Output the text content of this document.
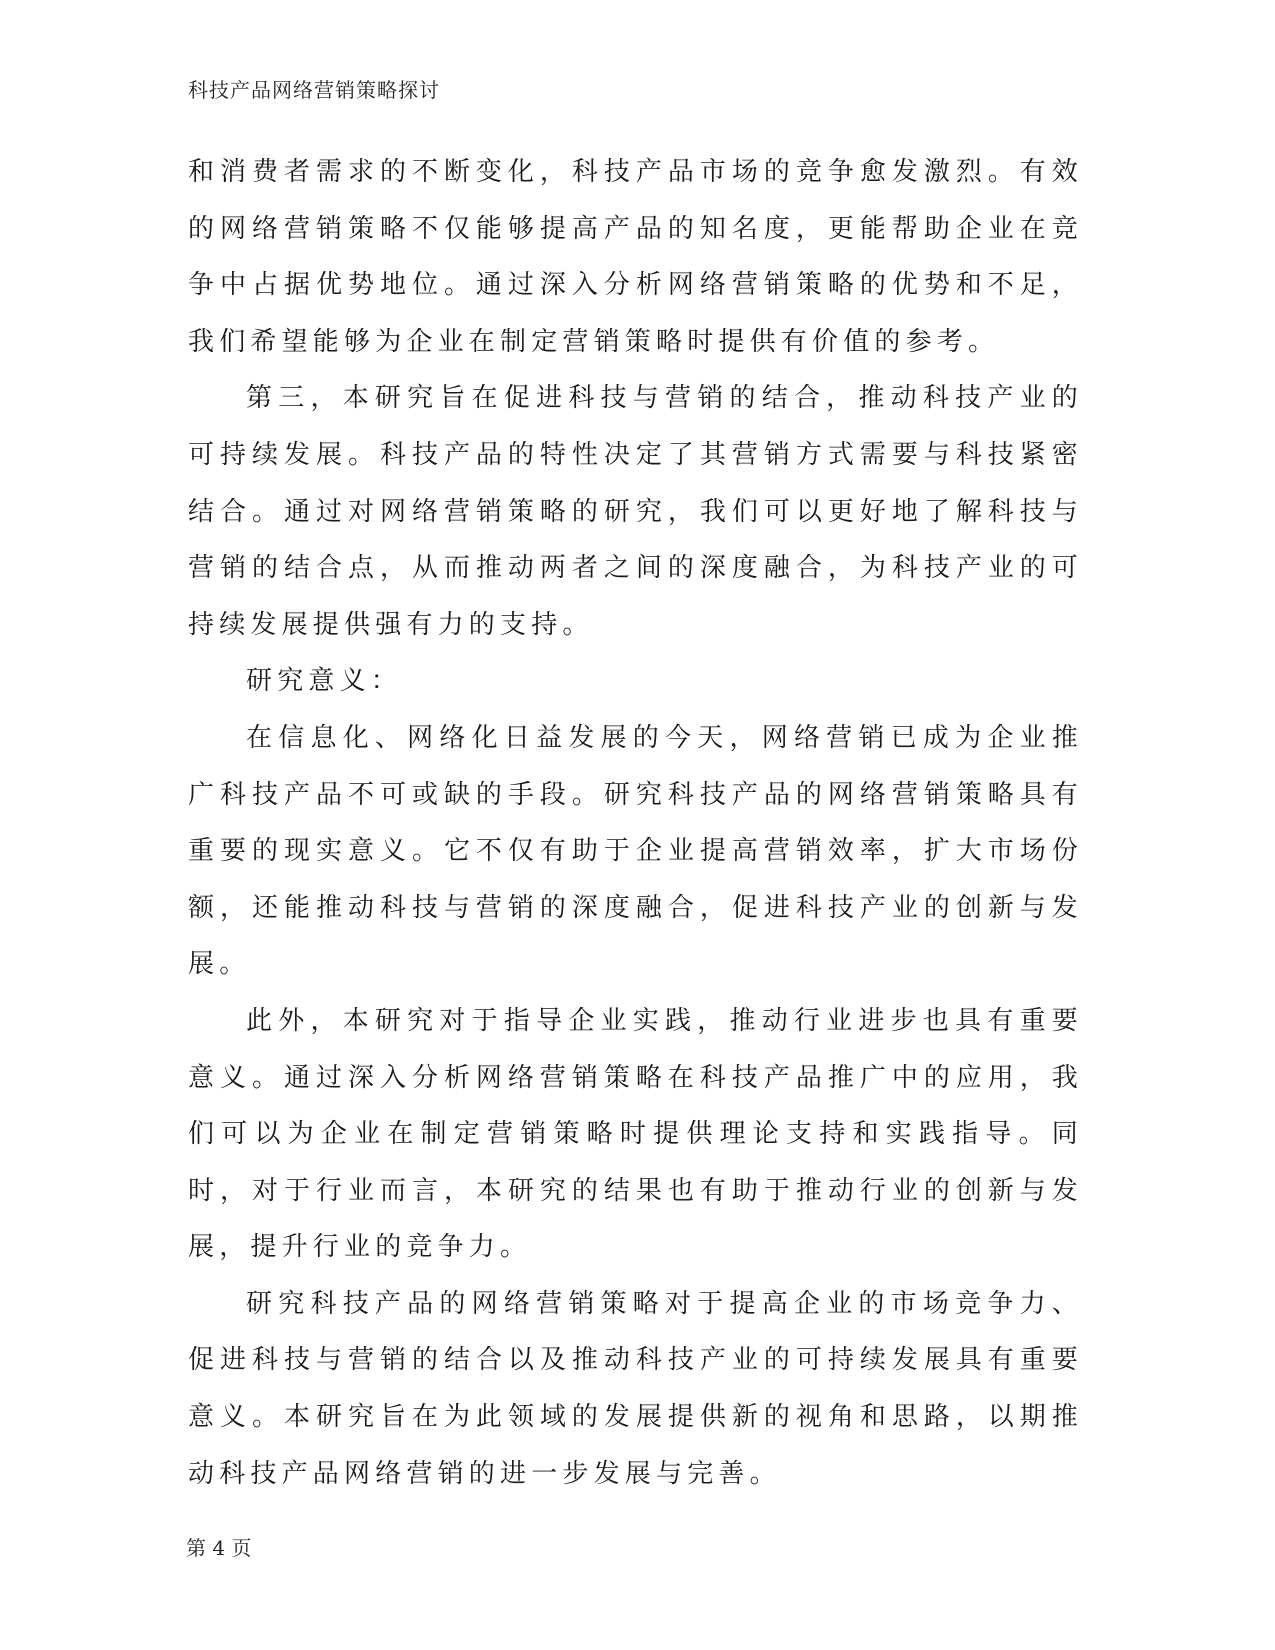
科技产品网络营销策略探讨

和消费者需求的不断变化，科技产品市场的竞争愈发激烈。有效的网络营销策略不仅能够提高产品的知名度，更能帮助企业在竞争中占据优势地位。通过深入分析网络营销策略的优势和不足，我们希望能够为企业在制定营销策略时提供有价值的参考。

第三，本研究旨在促进科技与营销的结合，推动科技产业的可持续发展。科技产品的特性决定了其营销方式需要与科技紧密结合。通过对网络营销策略的研究，我们可以更好地了解科技与营销的结合点，从而推动两者之间的深度融合，为科技产业的可持续发展提供强有力的支持。

研究意义：

在信息化、网络化日益发展的今天，网络营销已成为企业推广科技产品不可或缺的手段。研究科技产品的网络营销策略具有重要的现实意义。它不仅有助于企业提高营销效率，扩大市场份额，还能推动科技与营销的深度融合，促进科技产业的创新与发展。

此外，本研究对于指导企业实践，推动行业进步也具有重要意义。通过深入分析网络营销策略在科技产品推广中的应用，我们可以为企业在制定营销策略时提供理论支持和实践指导。同时，对于行业而言，本研究的结果也有助于推动行业的创新与发展，提升行业的竞争力。

研究科技产品的网络营销策略对于提高企业的市场竞争力、促进科技与营销的结合以及推动科技产业的可持续发展具有重要意义。本研究旨在为此领域的发展提供新的视角和思路，以期推动科技产品网络营销的进一步发展与完善。

第 4 页
